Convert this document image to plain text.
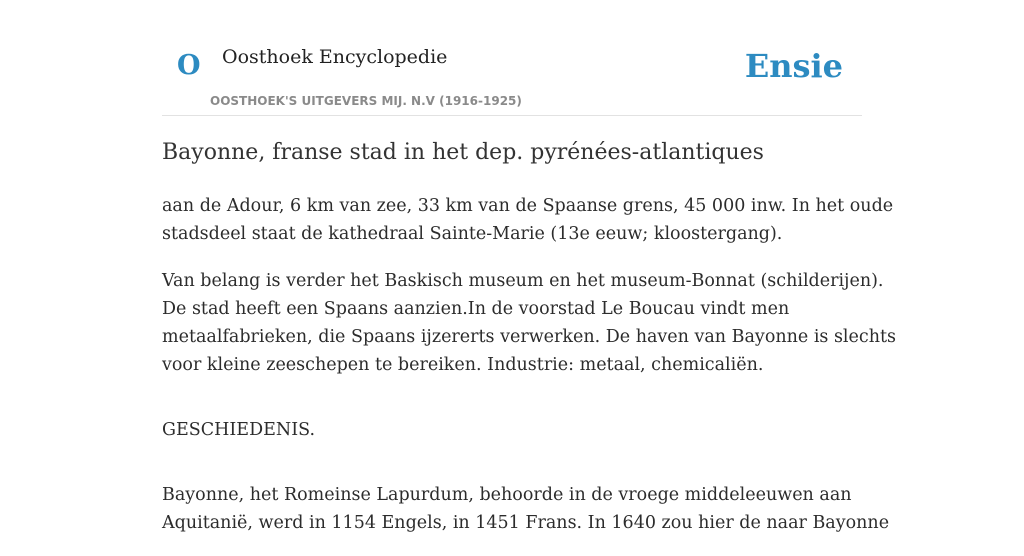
O Oosthoek Encyclopedie
OOSTHOEK'S UITGEVERS MIJ. N.V (1916-1925)
Ensie
Bayonne, franse stad in het dep. pyrénées-atlantiques

aan de Adour, 6 km van zee, 33 km van de Spaanse grens, 45 000 inw. In het oude
stadsdeel staat de kathedraal Sainte-Marie (13e eeuw; kloostergang).

Van belang is verder het Baskisch museum en het museum-Bonnat (schilderijen).
De stad heeft een Spaans aanzien.In de voorstad Le Boucau vindt men
metaalfabrieken, die Spaans ijzererts verwerken. De haven van Bayonne is slechts
voor kleine zeeschepen te bereiken. Industrie: metaal, chemicaliën.

GESCHIEDENIS.

Bayonne, het Romeinse Lapurdum, behoorde in de vroege middeleeuwen aan
Aquitanië, werd in 1154 Engels, in 1451 Frans. In 1640 zou hier de naar Bayonne
